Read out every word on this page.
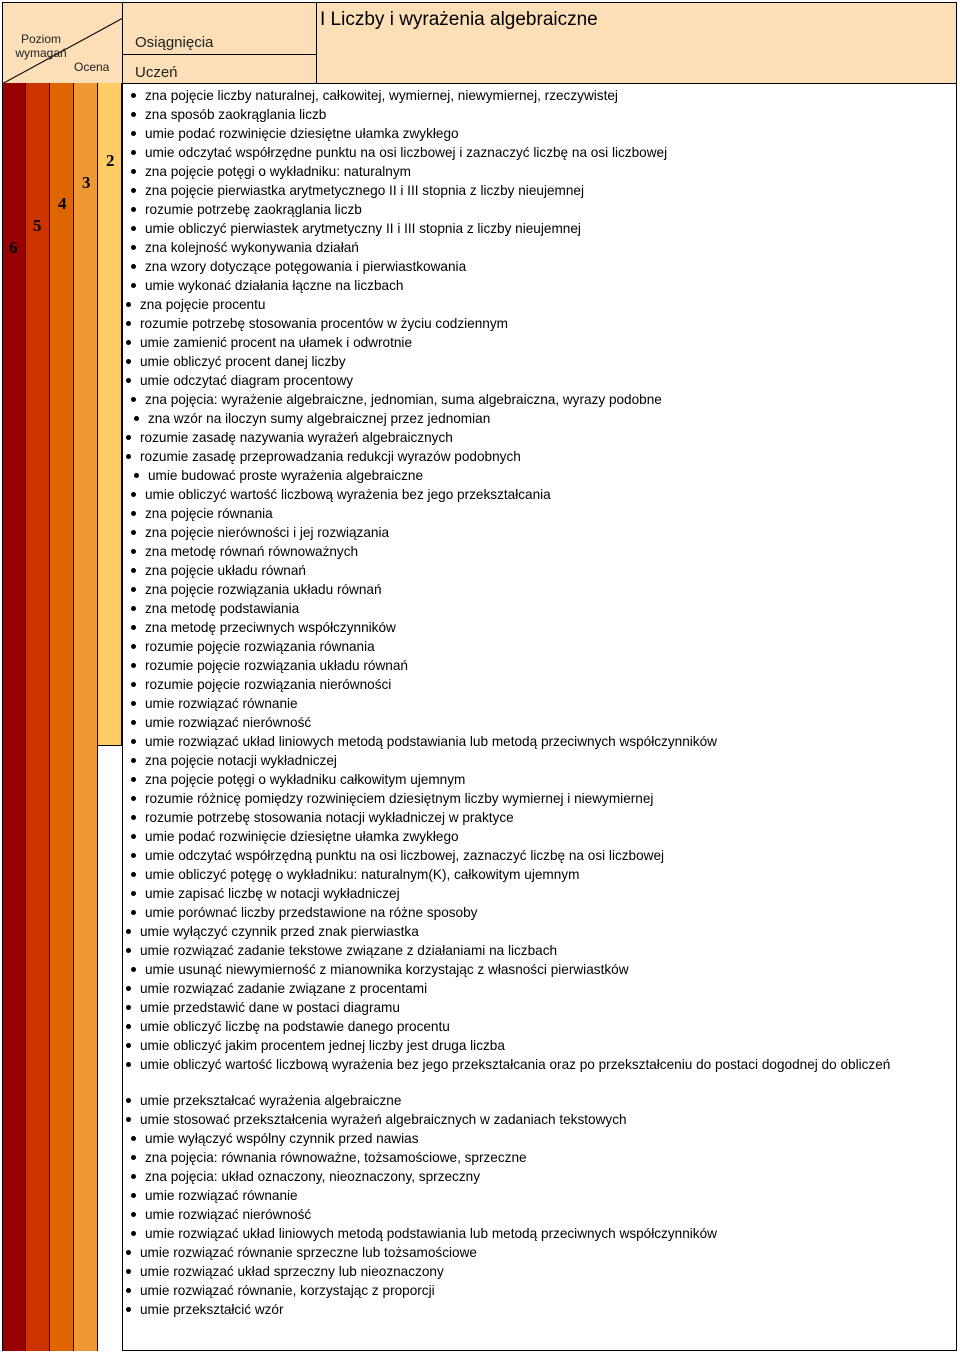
Poziom wymagań
Ocena
Osiągnięcia
Uczeń
I Liczby i wyrażenia algebraiczne
6
5
4
3
2
zna pojęcie liczby naturalnej, całkowitej, wymiernej, niewymiernej, rzeczywistej
zna sposób zaokrąglania liczb
umie podać rozwinięcie dziesiętne ułamka zwykłego
umie odczytać współrzędne punktu na osi liczbowej i zaznaczyć liczbę na osi liczbowej
zna pojęcie potęgi o wykładniku: naturalnym
zna pojęcie pierwiastka arytmetycznego II i III stopnia z liczby nieujemnej
rozumie potrzebę zaokrąglania liczb
umie obliczyć pierwiastek arytmetyczny II i III stopnia z liczby nieujemnej
zna kolejność wykonywania działań
zna wzory dotyczące potęgowania i pierwiastkowania
umie wykonać działania łączne na liczbach
zna pojęcie procentu
rozumie potrzebę stosowania procentów w życiu codziennym
umie zamienić procent na ułamek i odwrotnie
umie obliczyć procent danej liczby
umie odczytać diagram procentowy
zna pojęcia: wyrażenie algebraiczne, jednomian, suma algebraiczna, wyrazy podobne
zna wzór na iloczyn sumy algebraicznej przez jednomian
rozumie zasadę nazywania wyrażeń algebraicznych
rozumie zasadę przeprowadzania redukcji wyrazów podobnych
umie budować proste wyrażenia algebraiczne
umie obliczyć wartość liczbową wyrażenia bez jego przekształcania
zna pojęcie równania
zna pojęcie nierówności i jej rozwiązania
zna metodę równań równoważnych
zna pojęcie układu równań
zna pojęcie rozwiązania układu równań
zna metodę podstawiania
zna metodę przeciwnych współczynników
rozumie pojęcie rozwiązania równania
rozumie pojęcie rozwiązania układu równań
rozumie pojęcie rozwiązania nierówności
umie rozwiązać równanie
umie rozwiązać nierówność
umie rozwiązać układ liniowych metodą podstawiania lub metodą przeciwnych współczynników
zna pojęcie notacji wykładniczej
zna pojęcie potęgi o wykładniku całkowitym ujemnym
rozumie różnicę pomiędzy rozwinięciem dziesiętnym liczby wymiernej i niewymiernej
rozumie potrzebę stosowania notacji wykładniczej w praktyce
umie podać rozwinięcie dziesiętne ułamka zwykłego
umie odczytać współrzędną punktu na osi liczbowej, zaznaczyć liczbę na osi liczbowej
umie obliczyć potęgę o wykładniku: naturalnym(K), całkowitym ujemnym
umie zapisać liczbę w notacji wykładniczej
umie porównać liczby przedstawione na różne sposoby
umie wyłączyć czynnik przed znak pierwiastka
umie rozwiązać zadanie tekstowe związane z działaniami na liczbach
umie usunąć niewymierność z mianownika korzystając z własności pierwiastków
umie rozwiązać zadanie związane z procentami
umie przedstawić dane w postaci diagramu
umie obliczyć liczbę na podstawie danego procentu
umie obliczyć jakim procentem jednej liczby jest druga liczba
umie obliczyć wartość liczbową wyrażenia bez jego przekształcania oraz po przekształceniu do postaci dogodnej do obliczeń
umie przekształcać wyrażenia algebraiczne
umie stosować przekształcenia wyrażeń algebraicznych w zadaniach tekstowych
umie wyłączyć wspólny czynnik przed nawias
zna pojęcia: równania równoważne, tożsamościowe, sprzeczne
zna pojęcia: układ oznaczony, nieoznaczony, sprzeczny
umie rozwiązać równanie
umie rozwiązać nierówność
umie rozwiązać układ liniowych metodą podstawiania lub metodą przeciwnych współczynników
umie rozwiązać równanie sprzeczne lub tożsamościowe
umie rozwiązać układ sprzeczny lub nieoznaczony
umie rozwiązać równanie, korzystając z proporcji
umie przekształcić wzór
